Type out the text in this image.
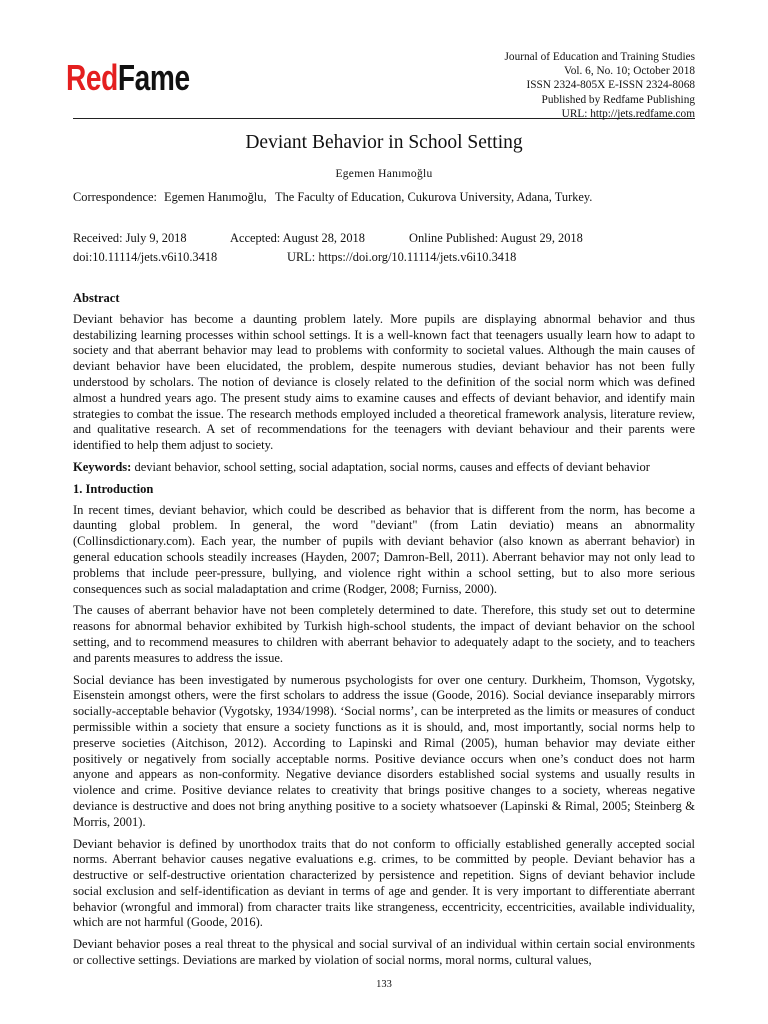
RedFame	Journal of Education and Training Studies
Vol. 6, No. 10; October 2018
ISSN 2324-805X E-ISSN 2324-8068
Published by Redfame Publishing
URL: http://jets.redfame.com
Deviant Behavior in School Setting
Egemen Hanımoğlu
Correspondence: Egemen Hanımoğlu, The Faculty of Education, Cukurova University, Adana, Turkey.
Received: July 9, 2018	Accepted: August 28, 2018	Online Published: August 29, 2018
doi:10.11114/jets.v6i10.3418	URL: https://doi.org/10.11114/jets.v6i10.3418

Abstract

Deviant behavior has become a daunting problem lately. More pupils are displaying abnormal behavior and thus destabilizing learning processes within school settings. It is a well-known fact that teenagers usually learn how to adapt to society and that aberrant behavior may lead to problems with conformity to societal values. Although the main causes of deviant behavior have been elucidated, the problem, despite numerous studies, deviant behavior has not been fully understood by scholars. The notion of deviance is closely related to the definition of the social norm which was defined almost a hundred years ago. The present study aims to examine causes and effects of deviant behavior, and identify main strategies to combat the issue. The research methods employed included a theoretical framework analysis, literature review, and qualitative research. A set of recommendations for the teenagers with deviant behaviour and their parents were identified to help them adjust to society.

Keywords: deviant behavior, school setting, social adaptation, social norms, causes and effects of deviant behavior

1. Introduction

In recent times, deviant behavior, which could be described as behavior that is different from the norm, has become a daunting global problem. In general, the word "deviant" (from Latin deviatio) means an abnormality (Collinsdictionary.com). Each year, the number of pupils with deviant behavior (also known as aberrant behavior) in general education schools steadily increases (Hayden, 2007; Damron-Bell, 2011). Aberrant behavior may not only lead to problems that include peer-pressure, bullying, and violence right within a school setting, but to also more serious consequences such as social maladaptation and crime (Rodger, 2008; Furniss, 2000).

The causes of aberrant behavior have not been completely determined to date. Therefore, this study set out to determine reasons for abnormal behavior exhibited by Turkish high-school students, the impact of deviant behavior on the school setting, and to recommend measures to children with aberrant behavior to adequately adapt to the society, and to teachers and parents measures to address the issue.

Social deviance has been investigated by numerous psychologists for over one century. Durkheim, Thomson, Vygotsky, Eisenstein amongst others, were the first scholars to address the issue (Goode, 2016). Social deviance inseparably mirrors socially-acceptable behavior (Vygotsky, 1934/1998). ‘Social norms’, can be interpreted as the limits or measures of conduct permissible within a society that ensure a society functions as it is should, and, most importantly, social norms help to preserve societies (Aitchison, 2012). According to Lapinski and Rimal (2005), human behavior may deviate either positively or negatively from socially acceptable norms. Positive deviance occurs when one’s conduct does not harm anyone and appears as non-conformity. Negative deviance disorders established social systems and usually results in violence and crime. Positive deviance relates to creativity that brings positive changes to a society, whereas negative deviance is destructive and does not bring anything positive to a society whatsoever (Lapinski & Rimal, 2005; Steinberg & Morris, 2001).

Deviant behavior is defined by unorthodox traits that do not conform to officially established generally accepted social norms. Aberrant behavior causes negative evaluations e.g. crimes, to be committed by people. Deviant behavior has a destructive or self-destructive orientation characterized by persistence and repetition. Signs of deviant behavior include social exclusion and self-identification as deviant in terms of age and gender. It is very important to differentiate aberrant behavior (wrongful and immoral) from character traits like strangeness, eccentricity, eccentricities, available individuality, which are not harmful (Goode, 2016).

Deviant behavior poses a real threat to the physical and social survival of an individual within certain social environments or collective settings. Deviations are marked by violation of social norms, moral norms, cultural values,

133
